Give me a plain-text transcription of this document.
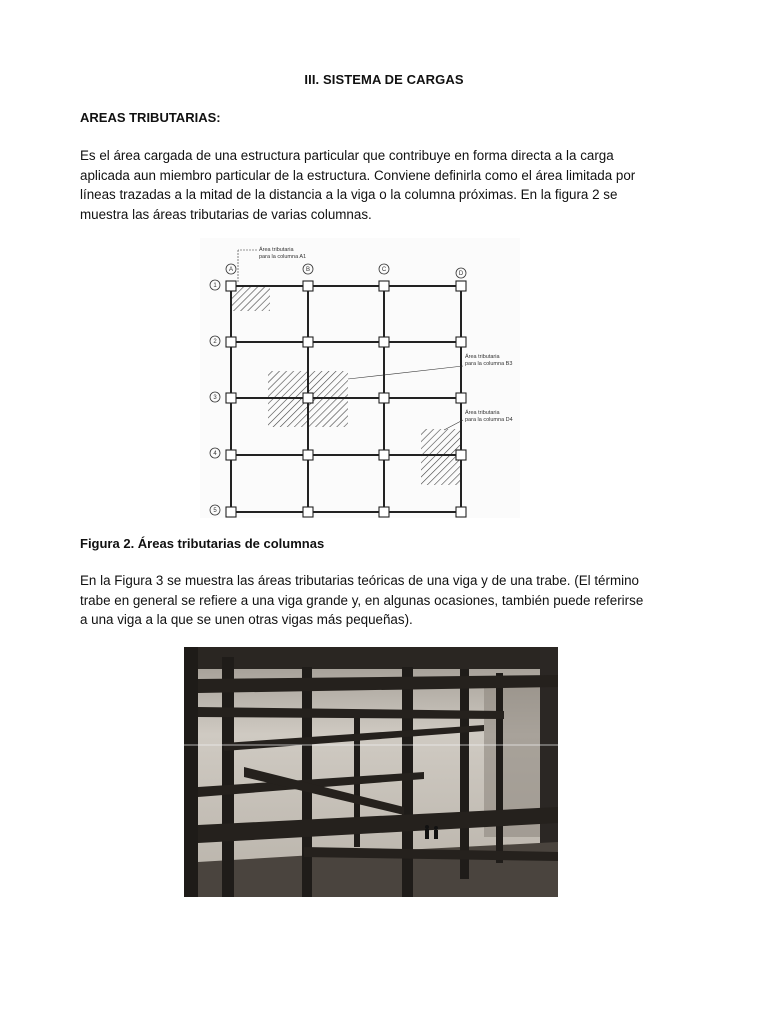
III. SISTEMA DE CARGAS
AREAS TRIBUTARIAS:
Es el área cargada de una estructura particular que contribuye en forma directa a la carga
aplicada aun miembro particular de la estructura. Conviene definirla como el área limitada por
líneas trazadas a la mitad de la distancia a la viga o la columna próximas. En la figura 2 se
muestra las áreas tributarias de varias columnas.
A	B	C
D
1
2
3
4
5
Área tributaria
para la columna A1
Área tributaria
para la columna B3
Área tributaria
para la columna D4
Figura 2. Áreas tributarias de columnas
En la Figura 3 se muestra las áreas tributarias teóricas de una viga y de una trabe. (El término
trabe en general se refiere a una viga grande y, en algunas ocasiones, también puede referirse
a una viga a la que se unen otras vigas más pequeñas).
